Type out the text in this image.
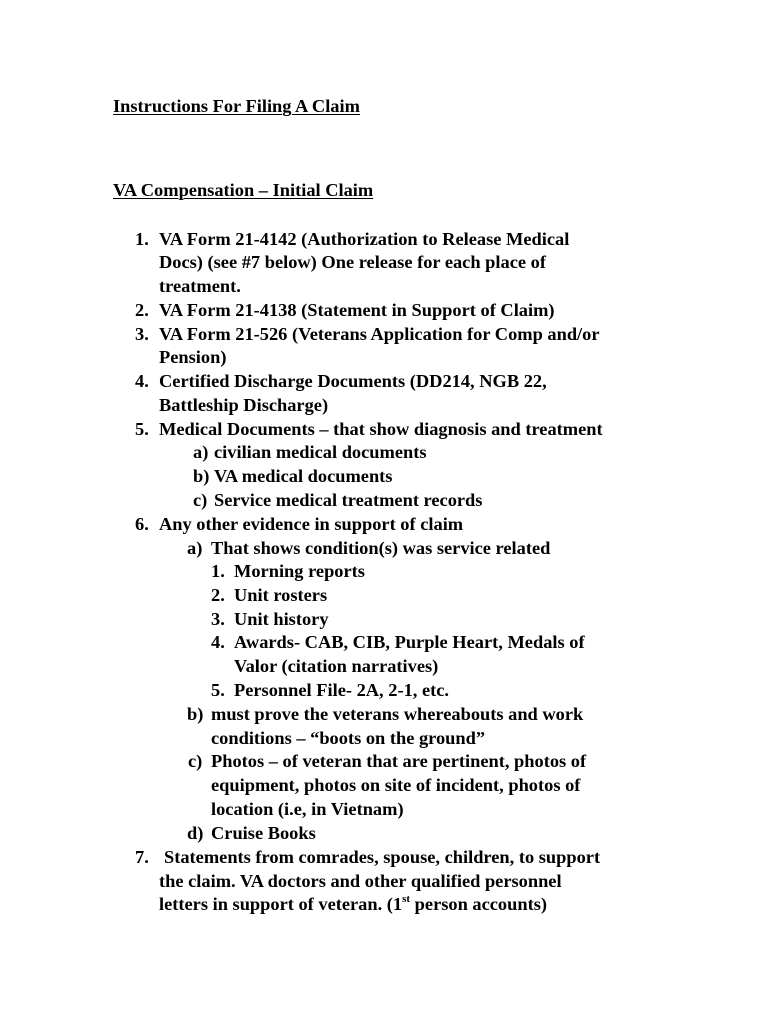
Instructions For Filing A Claim
VA Compensation – Initial Claim
1. VA Form 21-4142 (Authorization to Release Medical
Docs) (see #7 below) One release for each place of
treatment.
2. VA Form 21-4138 (Statement in Support of Claim)
3. VA Form 21-526 (Veterans Application for Comp and/or
Pension)
4. Certified Discharge Documents (DD214, NGB 22,
Battleship Discharge)
5. Medical Documents – that show diagnosis and treatment
a) civilian medical documents
b) VA medical documents
c) Service medical treatment records
6. Any other evidence in support of claim
a) That shows condition(s) was service related
1. Morning reports
2. Unit rosters
3. Unit history
4. Awards- CAB, CIB, Purple Heart, Medals of
Valor (citation narratives)
5. Personnel File- 2A, 2-1, etc.
b) must prove the veterans whereabouts and work
conditions – “boots on the ground”
c) Photos – of veteran that are pertinent, photos of
equipment, photos on site of incident, photos of
location (i.e, in Vietnam)
d) Cruise Books
7. Statements from comrades, spouse, children, to support
the claim. VA doctors and other qualified personnel
letters in support of veteran. (1st person accounts)
